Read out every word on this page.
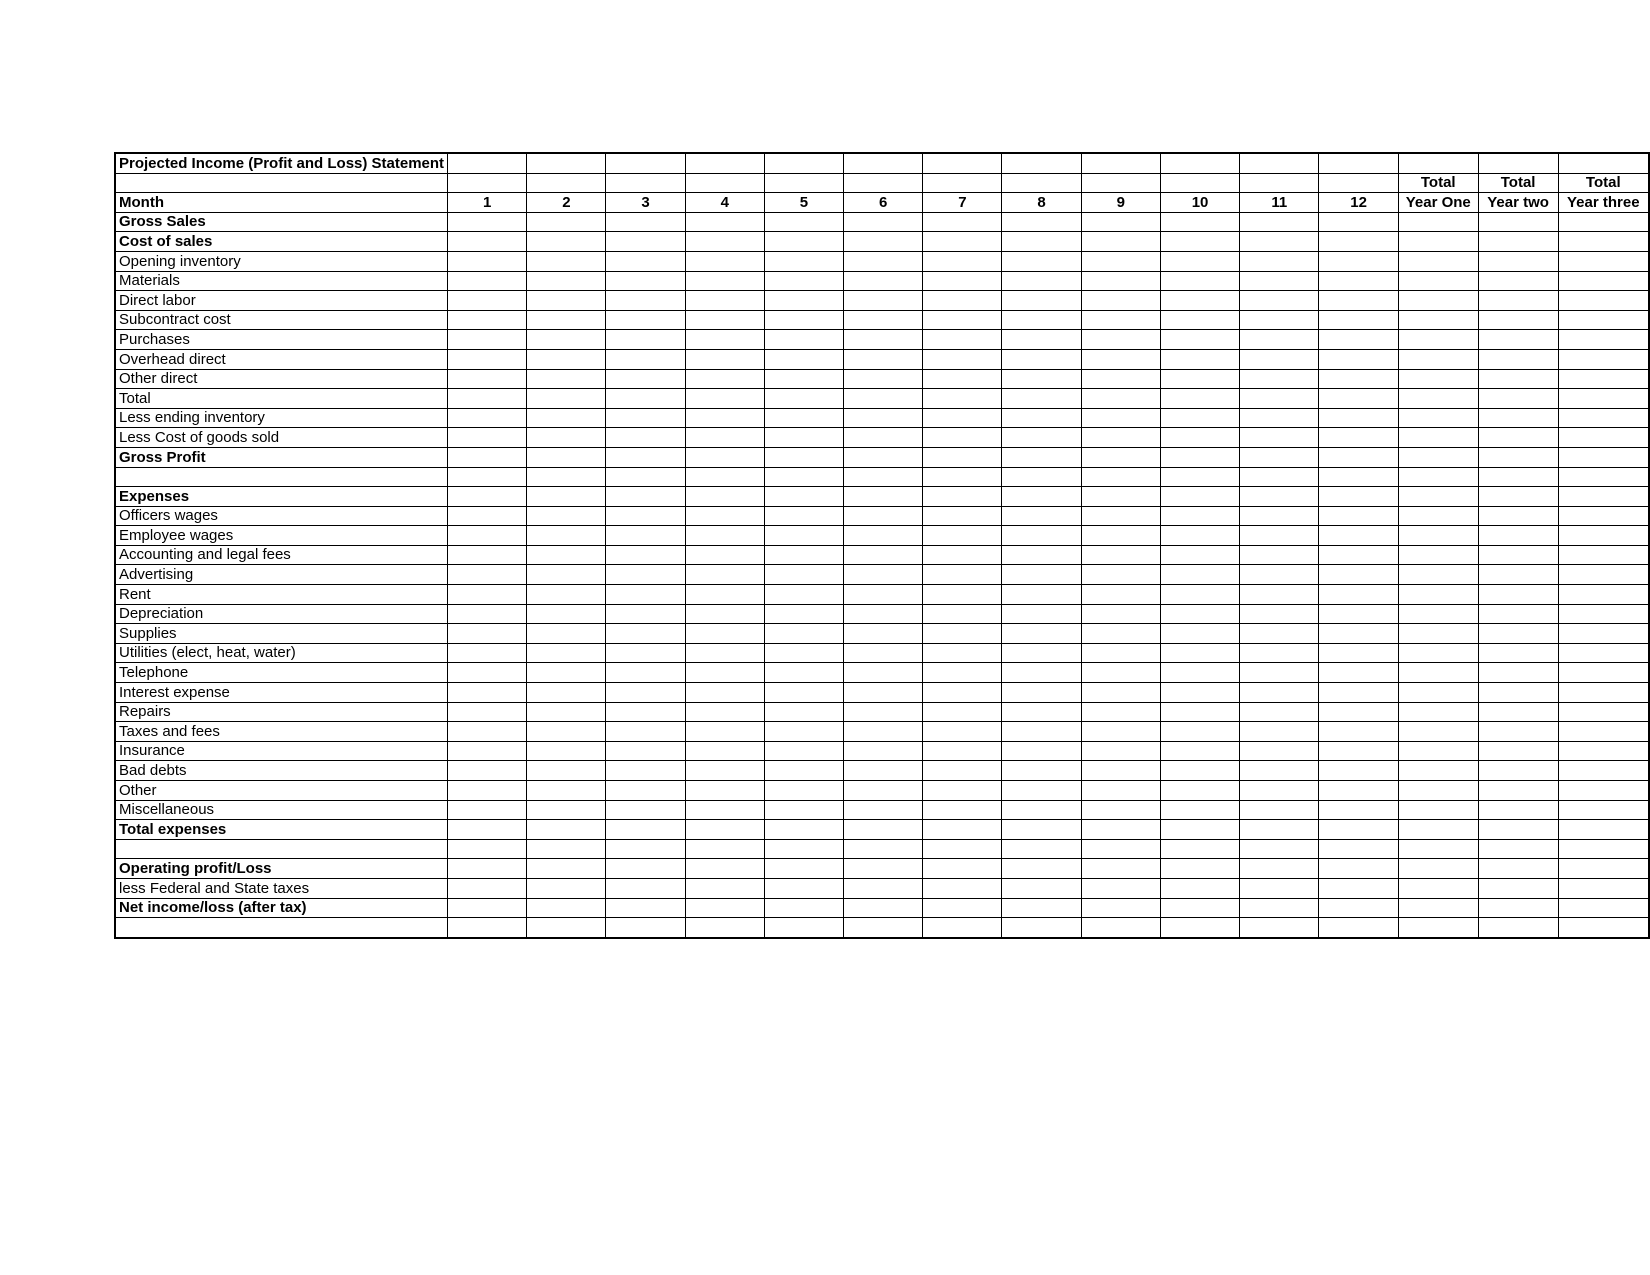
Projected Income (Profit and Loss) Statement															
													Total	Total	Total
Month	1	2	3	4	5	6	7	8	9	10	11	12	Year One	Year two	Year three
Gross Sales															
Cost of sales															
Opening inventory															
Materials															
Direct labor															
Subcontract cost															
Purchases															
Overhead direct															
Other direct															
Total															
Less ending inventory															
Less Cost of goods sold															
Gross Profit															

Expenses															
Officers wages															
Employee wages															
Accounting and legal fees															
Advertising															
Rent															
Depreciation															
Supplies															
Utilities (elect, heat, water)															
Telephone															
Interest expense															
Repairs															
Taxes and fees															
Insurance															
Bad debts															
Other															
Miscellaneous															
Total expenses															

Operating profit/Loss															
less Federal and State taxes															
Net income/loss (after tax)															
